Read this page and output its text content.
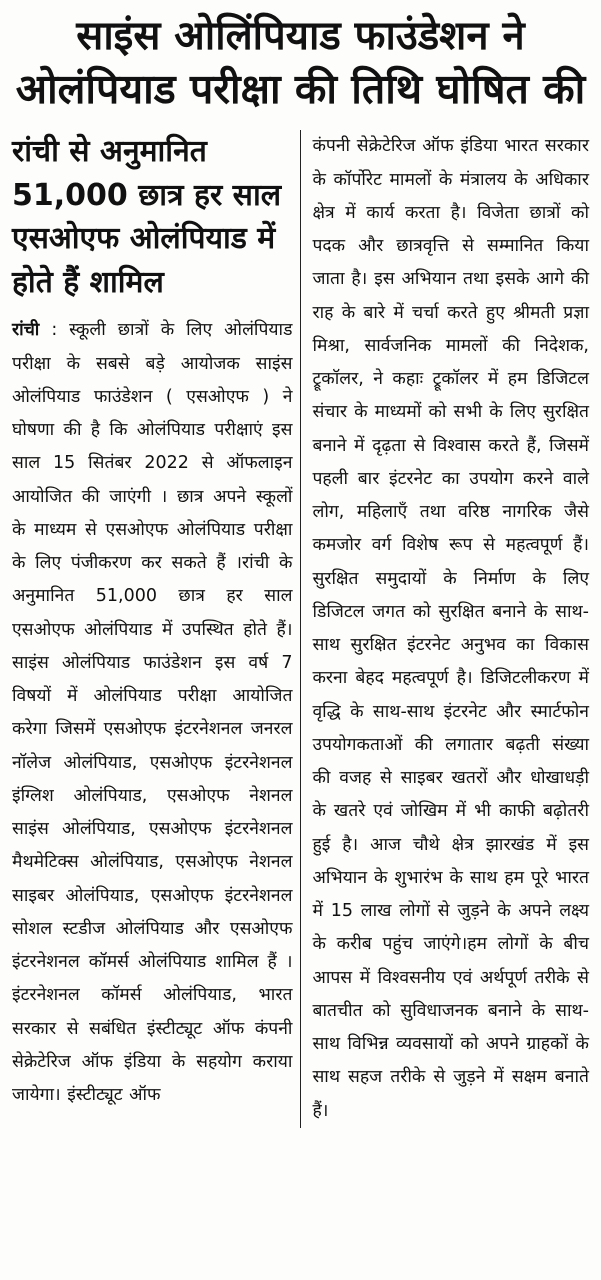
साइंस ओलिंपियाड फाउंडेशन ने
ओलंपियाड परीक्षा की तिथि घोषित की
रांची से अनुमानित 51,000 छात्र हर साल एसओएफ ओलंपियाड में होते हैं शामिल

रांची : स्कूली छात्रों के लिए ओलंपियाड परीक्षा के सबसे बड़े आयोजक साइंस ओलंपियाड फाउंडेशन ( एसओएफ ) ने घोषणा की है कि ओलंपियाड परीक्षाएं इस साल 15 सितंबर 2022 से ऑफलाइन आयोजित की जाएंगी । छात्र अपने स्कूलों के माध्यम से एसओएफ ओलंपियाड परीक्षा के लिए पंजीकरण कर सकते हैं ।रांची के अनुमानित 51,000 छात्र हर साल एसओएफ ओलंपियाड में उपस्थित होते हैं।साइंस ओलंपियाड फाउंडेशन इस वर्ष 7 विषयों में ओलंपियाड परीक्षा आयोजित करेगा जिसमें एसओएफ इंटरनेशनल जनरल नॉलेज ओलंपियाड, एसओएफ इंटरनेशनल इंग्लिश ओलंपियाड, एसओएफ नेशनल साइंस ओलंपियाड, एसओएफ इंटरनेशनल मैथमेटिक्स ओलंपियाड, एसओएफ नेशनल साइबर ओलंपियाड, एसओएफ इंटरनेशनल सोशल स्टडीज ओलंपियाड और एसओएफ इंटरनेशनल कॉमर्स ओलंपियाड शामिल हैं ।इंटरनेशनल कॉमर्स ओलंपियाड, भारत सरकार से सबंधित इंस्टीट्यूट ऑफ कंपनी सेक्रेटेरिज ऑफ इंडिया के सहयोग कराया जायेगा। इंस्टीट्यूट ऑफ

कंपनी सेक्रेटेरिज ऑफ इंडिया भारत सरकार के कॉर्पोरेट मामलों के मंत्रालय के अधिकार क्षेत्र में कार्य करता है। विजेता छात्रों को पदक और छात्रवृत्ति से सम्मानित किया जाता है। इस अभियान तथा इसके आगे की राह के बारे में चर्चा करते हुए श्रीमती प्रज्ञा मिश्रा, सार्वजनिक मामलों की निदेशक, ट्रूकॉलर, ने कहाः ट्रूकॉलर में हम डिजिटल संचार के माध्यमों को सभी के लिए सुरक्षित बनाने में दृढ़ता से विश्वास करते हैं, जिसमें पहली बार इंटरनेट का उपयोग करने वाले लोग, महिलाएँ तथा वरिष्ठ नागरिक जैसे कमजोर वर्ग विशेष रूप से महत्वपूर्ण हैं। सुरक्षित समुदायों के निर्माण के लिए डिजिटल जगत को सुरक्षित बनाने के साथ-साथ सुरक्षित इंटरनेट अनुभव का विकास करना बेहद महत्वपूर्ण है। डिजिटलीकरण में वृद्धि के साथ-साथ इंटरनेट और स्मार्टफोन उपयोगकताओं की लगातार बढ़ती संख्या की वजह से साइबर खतरों और धोखाधड़ी के खतरे एवं जोखिम में भी काफी बढ़ोतरी हुई है। आज चौथे क्षेत्र झारखंड में इस अभियान के शुभारंभ के साथ हम पूरे भारत में 15 लाख लोगों से जुड़ने के अपने लक्ष्य के करीब पहुंच जाएंगे।हम लोगों के बीच आपस में विश्वसनीय एवं अर्थपूर्ण तरीके से बातचीत को सुविधाजनक बनाने के साथ-साथ विभिन्न व्यवसायों को अपने ग्राहकों के साथ सहज तरीके से जुड़ने में सक्षम बनाते हैं।
